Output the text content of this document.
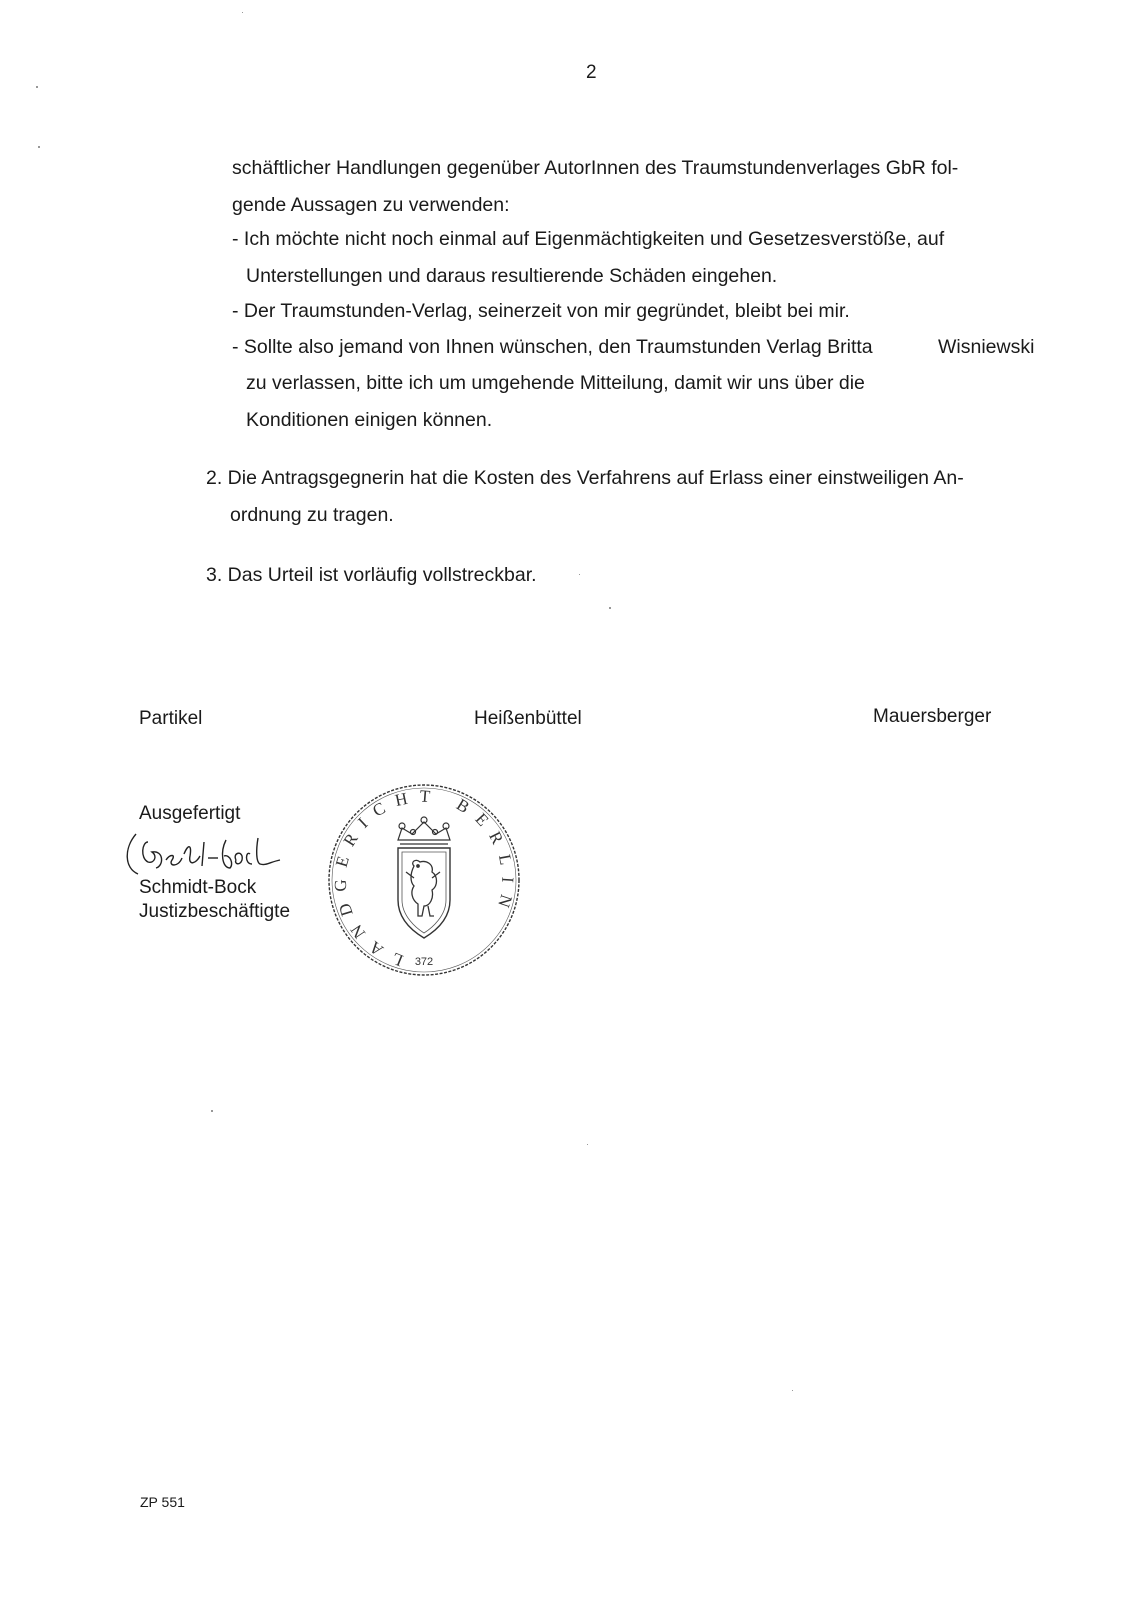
2
schäftlicher Handlungen gegenüber AutorInnen des Traumstundenverlages GbR fol-
gende Aussagen zu verwenden:
- Ich möchte nicht noch einmal auf Eigenmächtigkeiten und Gesetzesverstöße, auf
Unterstellungen und daraus resultierende Schäden eingehen.
- Der Traumstunden-Verlag, seinerzeit von mir gegründet, bleibt bei mir.
- Sollte also jemand von Ihnen wünschen, den Traumstunden Verlag Britta	Wisniewski
zu verlassen, bitte ich um umgehende Mitteilung, damit wir uns über die
Konditionen einigen können.
2. Die Antragsgegnerin hat die Kosten des Verfahrens auf Erlass einer einstweiligen An-
ordnung zu tragen.
3. Das Urteil ist vorläufig vollstreckbar.
Partikel	Heißenbüttel	Mauersberger
Ausgefertigt
Schmidt-Bock
Justizbeschäftigte
LANDGERICHT BERLIN
372
ZP 551
